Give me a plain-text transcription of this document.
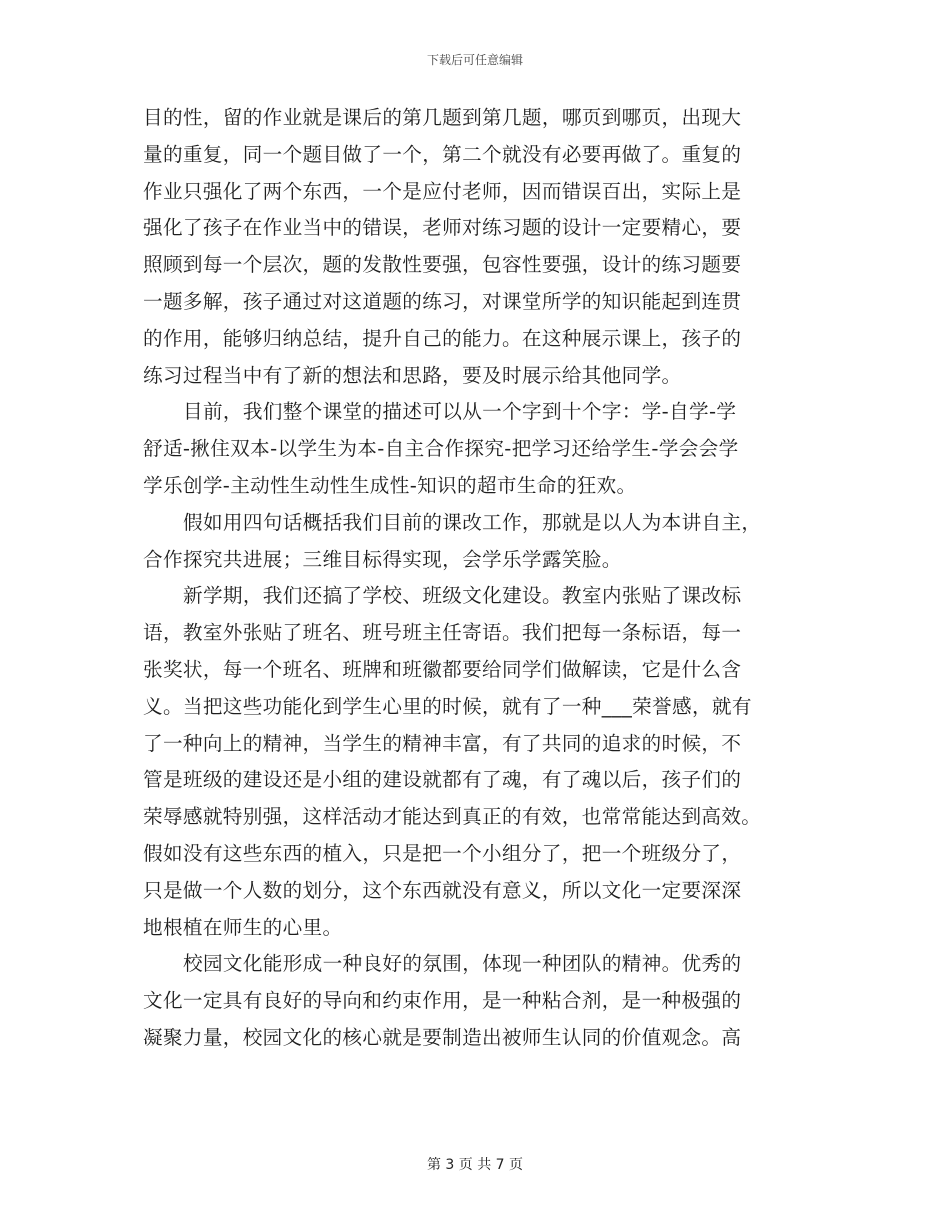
下载后可任意编辑
目的性，留的作业就是课后的第几题到第几题，哪页到哪页，出现大
量的重复，同一个题目做了一个，第二个就没有必要再做了。重复的
作业只强化了两个东西，一个是应付老师，因而错误百出，实际上是
强化了孩子在作业当中的错误，老师对练习题的设计一定要精心，要
照顾到每一个层次，题的发散性要强，包容性要强，设计的练习题要
一题多解，孩子通过对这道题的练习，对课堂所学的知识能起到连贯
的作用，能够归纳总结，提升自己的能力。在这种展示课上，孩子的
练习过程当中有了新的想法和思路，要及时展示给其他同学。
目前，我们整个课堂的描述可以从一个字到十个字：学-自学-学
舒适-揪住双本-以学生为本-自主合作探究-把学习还给学生-学会会学
学乐创学-主动性生动性生成性-知识的超市生命的狂欢。
假如用四句话概括我们目前的课改工作，那就是以人为本讲自主，
合作探究共进展；三维目标得实现，会学乐学露笑脸。
新学期，我们还搞了学校、班级文化建设。教室内张贴了课改标
语，教室外张贴了班名、班号班主任寄语。我们把每一条标语，每一
张奖状，每一个班名、班牌和班徽都要给同学们做解读，它是什么含
义。当把这些功能化到学生心里的时候，就有了一种___荣誉感，就有
了一种向上的精神，当学生的精神丰富，有了共同的追求的时候，不
管是班级的建设还是小组的建设就都有了魂，有了魂以后，孩子们的
荣辱感就特别强，这样活动才能达到真正的有效，也常常能达到高效。
假如没有这些东西的植入，只是把一个小组分了，把一个班级分了，
只是做一个人数的划分，这个东西就没有意义，所以文化一定要深深
地根植在师生的心里。
校园文化能形成一种良好的氛围，体现一种团队的精神。优秀的
文化一定具有良好的导向和约束作用，是一种粘合剂，是一种极强的
凝聚力量，校园文化的核心就是要制造出被师生认同的价值观念。高
第 3 页 共 7 页
